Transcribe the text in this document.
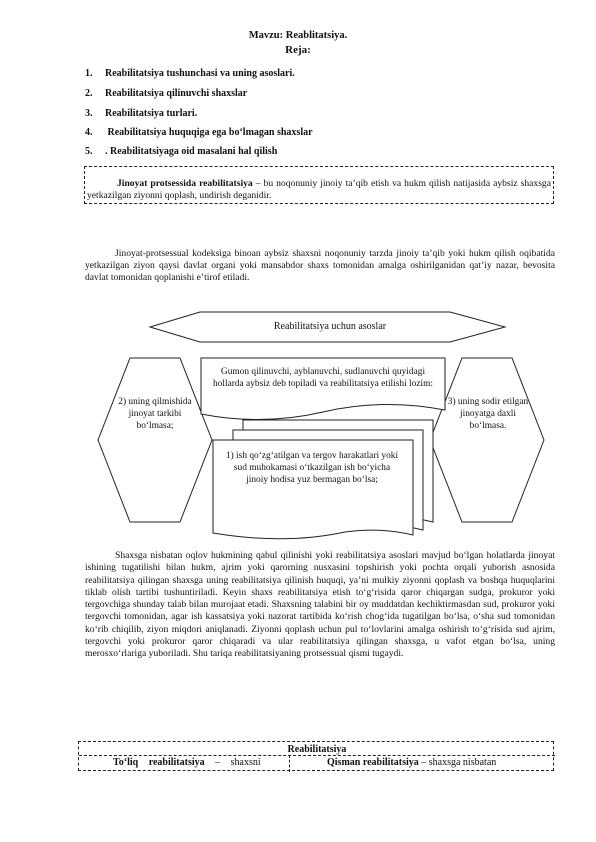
Mavzu: Reablitatsiya.
Reja:
1. Reabilitatsiya tushunchasi va uning asoslari.
2. Reabilitatsiya qilinuvchi shaxslar
3. Reabilitatsiya turlari.
4. Reabilitatsiya huquqiga ega boʻlmagan shaxslar
5. . Reabilitatsiyaga oid masalani hal qilish
Jinoyat protsessida reabilitatsiya – bu noqonuniy jinoiy taʼqib etish va hukm qilish natijasida aybsiz shaxsga yetkazilgan ziyonni qoplash, undirish deganidir.
Jinoyat-protsessual kodeksiga binoan aybsiz shaxsni noqonuniy tarzda jinoiy taʼqib yoki hukm qilish oqibatida yetkazilgan ziyon qaysi davlat organi yoki mansabdor shaxs tomonidan amalga oshirilganidan qatʼiy nazar, bevosita davlat tomonidan qoplanishi eʼtirof etiladi.
Reabilitatsiya uchun asoslar
Gumon qilinuvchi, ayblanuvchi, sudlanuvchi quyidagi hollarda aybsiz deb topiladi va reabilitatsiya etilishi lozim:
1) ish qoʻzgʻatilgan va tergov harakatlari yoki sud muhokamasi oʻtkazilgan ish boʻyicha jinoiy hodisa yuz bermagan boʻlsa;
2) uning qilmishida jinoyat tarkibi boʻlmasa;
3) uning sodir etilgan jinoyatga daxli boʻlmasa.
Shaxsga nisbatan oqlov hukmining qabul qilinishi yoki reabilitatsiya asoslari mavjud boʻlgan holatlarda jinoyat ishining tugatilishi bilan hukm, ajrim yoki qarorning nusxasini topshirish yoki pochta orqali yuborish asnosida reabilitatsiya qilingan shaxsga uning reabilitatsiya qilinish huquqi, yaʼni mulkiy ziyonni qoplash va boshqa huquqlarini tiklab olish tartibi tushuntiriladi. Keyin shaxs reabilitatsiya etish toʻgʻrisida qaror chiqargan sudga, prokuror yoki tergovchiga shunday talab bilan murojaat etadi. Shaxsning talabini bir oy muddatdan kechiktirmasdan sud, prokuror yoki tergovchi tomonidan, agar ish kassatsiya yoki nazorat tartibida koʻrish chogʻida tugatilgan boʻlsa, oʻsha sud tomonidan koʻrib chiqilib, ziyon miqdori aniqlanadi. Ziyonni qoplash uchun pul toʻlovlarini amalga oshirish toʻgʻrisida sud ajrim, tergovchi yoki prokuror qaror chiqaradi va ular reabilitatsiya qilingan shaxsga, u vafot etgan boʻlsa, uning merosxoʻrlariga yuboriladi. Shu tariqa reabilitatsiyaning protsessual qismi tugaydi.
Reabilitatsiya
Toʻliq reabilitatsiya – shaxsni	Qisman reabilitatsiya – shaxsga nisbatan
